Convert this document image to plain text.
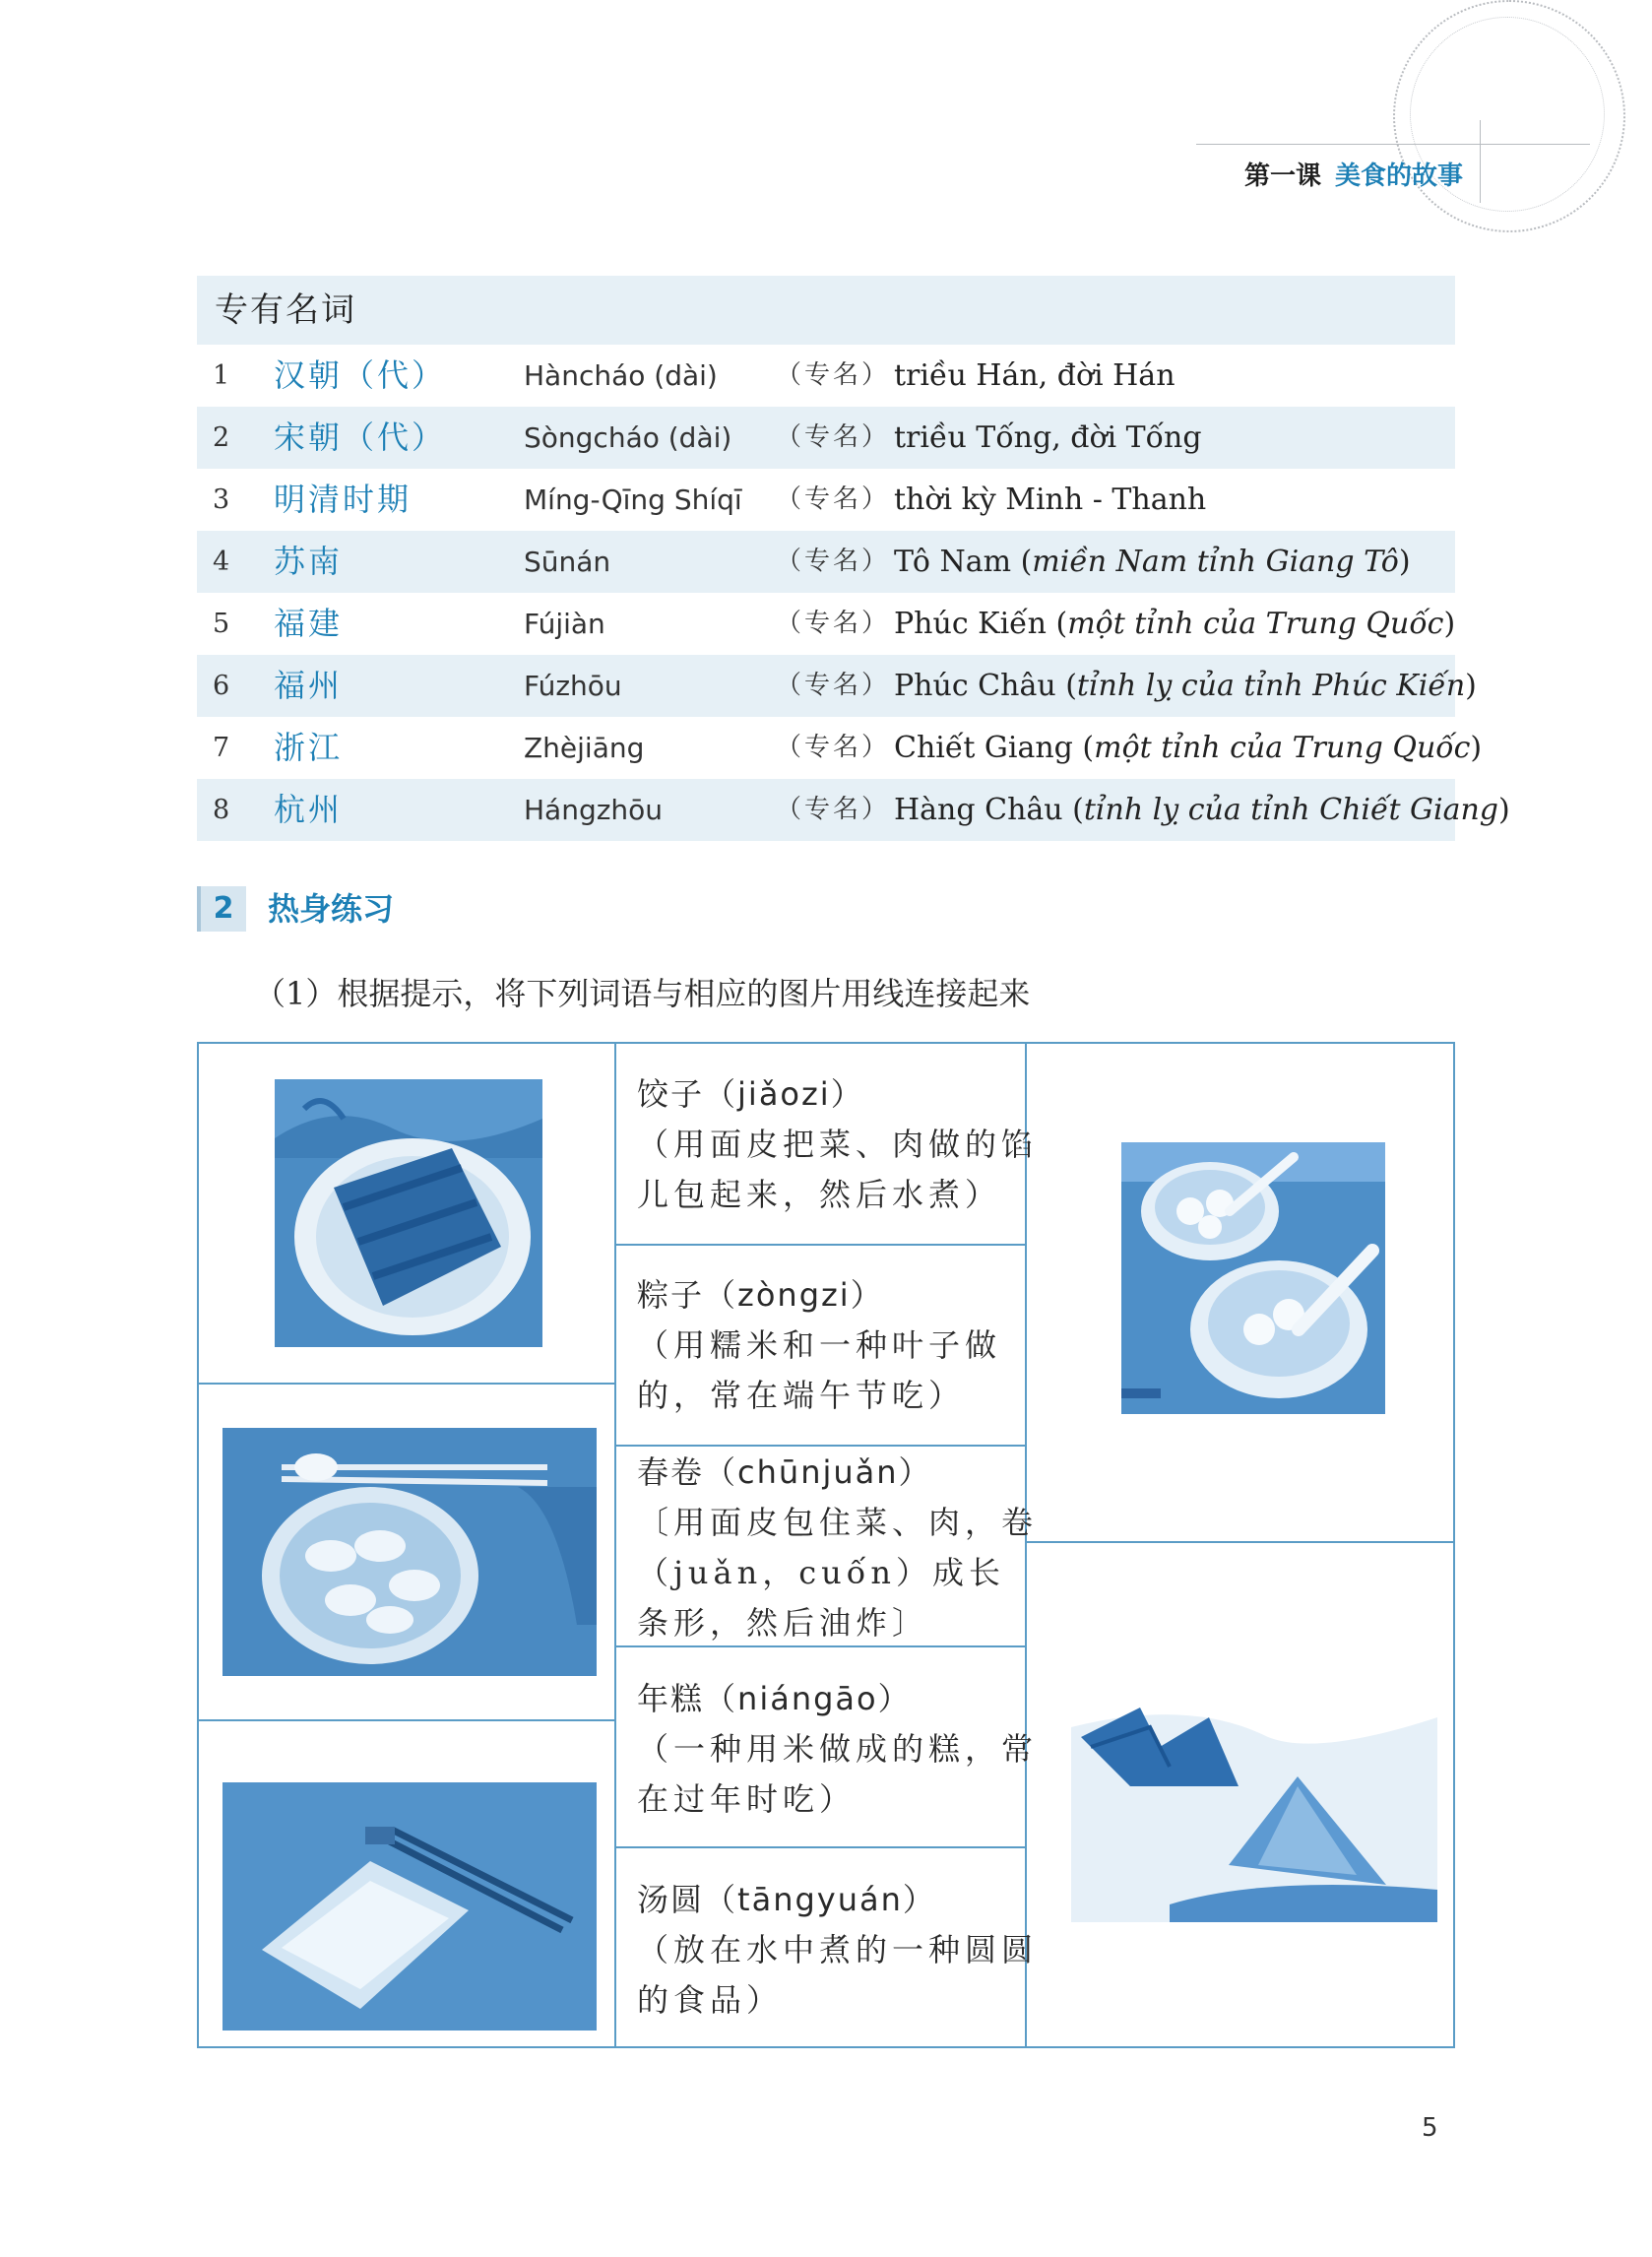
第一课 美食的故事
专有名词
1 汉朝（代）	Hàncháo (dài) （专名） triều Hán, đời Hán
2 宋朝（代）	Sòngcháo (dài) （专名） triều Tống, đời Tống
3 明清时期	Míng-Qīng Shíqī （专名） thời kỳ Minh - Thanh
4 苏南	Sūnán	（专名） Tô Nam (miền Nam tỉnh Giang Tô)
5 福建	Fújiàn	（专名） Phúc Kiến (một tỉnh của Trung Quốc)
6 福州	Fúzhōu	（专名） Phúc Châu (tỉnh lỵ của tỉnh Phúc Kiến)
7 浙江	Zhèjiāng	（专名） Chiết Giang (một tỉnh của Trung Quốc)
8 杭州	Hángzhōu	（专名） Hàng Châu (tỉnh lỵ của tỉnh Chiết Giang)
2	热身练习
（1）根据提示，将下列词语与相应的图片用线连接起来
饺子（jiǎozi）
（用面皮把菜、肉做的馅儿包起来，然后水煮）
粽子（zòngzi）
（用糯米和一种叶子做的，常在端午节吃）
春卷（chūnjuǎn）
〔用面皮包住菜、肉，卷（juǎn，cuốn）成长条形，然后油炸〕
年糕（niángāo）
（一种用米做成的糕，常在过年时吃）
汤圆（tāngyuán）
（放在水中煮的一种圆圆的食品）
5
